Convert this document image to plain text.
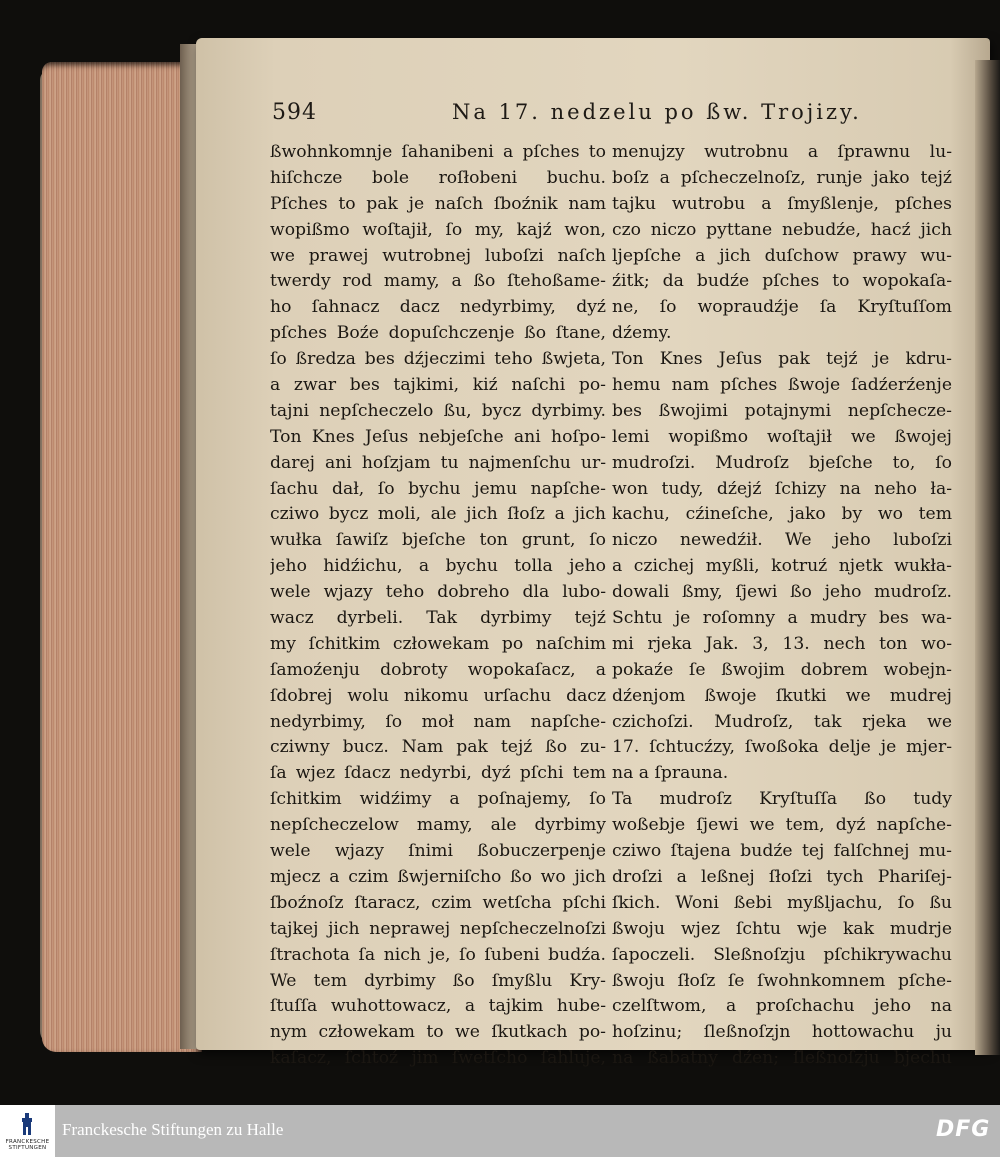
594	Na 17. nedzelu po ßw. Trojizy.
ßwohnkomnje ſahanibeni a pſches to
hiſchcze bole roſłobeni buchu.
Pſches to pak je naſch ſboźnik nam
wopißmo woſtajił, ſo my, kajź won,
we prawej wutrobnej luboſzi naſch
twerdy rod mamy, a ßo ſtehoßame-
ho ſahnacz dacz nedyrbimy, dyź
pſches Boźe dopuſchczenje ßo ſtane,
ſo ßredza bes dźjeczimi teho ßwjeta,
a zwar bes tajkimi, kiź naſchi po-
tajni nepſcheczelo ßu, bycz dyrbimy.
Ton Knes Jeſus nebjeſche ani hoſpo-
darej ani hoſzjam tu najmenſchu ur-
ſachu dał, ſo bychu jemu napſche-
cziwo bycz moli, ale jich ſłoſz a jich
wułka ſawiſz bjeſche ton grunt, ſo
jeho hidźichu, a bychu tolla jeho
wele wjazy teho dobreho dla lubo-
wacz dyrbeli. Tak dyrbimy tejź
my ſchitkim człowekam po naſchim
ſamoźenju dobroty wopokaſacz, a
ſdobrej wolu nikomu urſachu dacz
nedyrbimy, ſo moł nam napſche-
cziwny bucz. Nam pak tejź ßo zu-
ſa wjez ſdacz nedyrbi, dyź pſchi tem
ſchitkim widźimy a poſnajemy, ſo
nepſcheczelow mamy, ale dyrbimy
wele wjazy ſnimi ßobuczerpenje
mjecz a czim ßwjerniſcho ßo wo jich
ſboźnoſz ſtaracz, czim wetſcha pſchi
tajkej jich neprawej nepſcheczelnoſzi
ſtrachota ſa nich je, ſo ſubeni budźa.
We tem dyrbimy ßo ſmyßlu Kry-
ſtuſſa wuhottowacz, a tajkim hube-
nym człowekam to we ſkutkach po-
kaſacz, ſchtoź jim ſwetſcho ſahluje,
menujzy wutrobnu a ſprawnu lu-
boſz a pſcheczelnoſz, runje jako tejź
tajku wutrobu a ſmyßlenje, pſches
czo niczo pyttane nebudźe, hacź jich
ljepſche a jich duſchow prawy wu-
źitk; da budźe pſches to wopokaſa-
ne, ſo wopraudźje ſa Kryſtuſſom
dźemy.
Ton Knes Jeſus pak tejź je kdru-
hemu nam pſches ßwoje ſadźerźenje
bes ßwojimi potajnymi nepſchecze-
lemi wopißmo woſtajił we ßwojej
mudroſzi. Mudroſz bjeſche to, ſo
won tudy, dźejź ſchizy na neho ła-
kachu, cźineſche, jako by wo tem
niczo newedźił. We jeho luboſzi
a czichej myßli, kotruź njetk wukła-
dowali ßmy, ſjewi ßo jeho mudroſz.
Schtu je roſomny a mudry bes wa-
mi rjeka Jak. 3, 13. nech ton wo-
pokaźe ſe ßwojim dobrem wobejn-
dźenjom ßwoje ſkutki we mudrej
czichoſzi. Mudroſz, tak rjeka we
17. ſchtucźzy, ſwoßoka delje je mjer-
na a ſprauna.
Ta mudroſz Kryſtuſſa ßo tudy
woßebje ſjewi we tem, dyź napſche-
cziwo ſtajena budźe tej falſchnej mu-
droſzi a leßnej ſłoſzi tych Phariſej-
ſkich. Woni ßebi myßljachu, ſo ßu
ßwoju wjez ſchtu wje kak mudrje
ſapoczeli. Sleßnoſzju pſchikrywachu
ßwoju ſłoſz ſe ſwohnkomnem pſche-
czelſtwom, a proſchachu jeho na
hoſzinu; ſleßnoſzjn hottowachu ju
na ßabatny dźen; ſleßnoſzju bjechu
FRANCKESCHE STIFTUNGEN
Franckesche Stiftungen zu Halle	DFG
